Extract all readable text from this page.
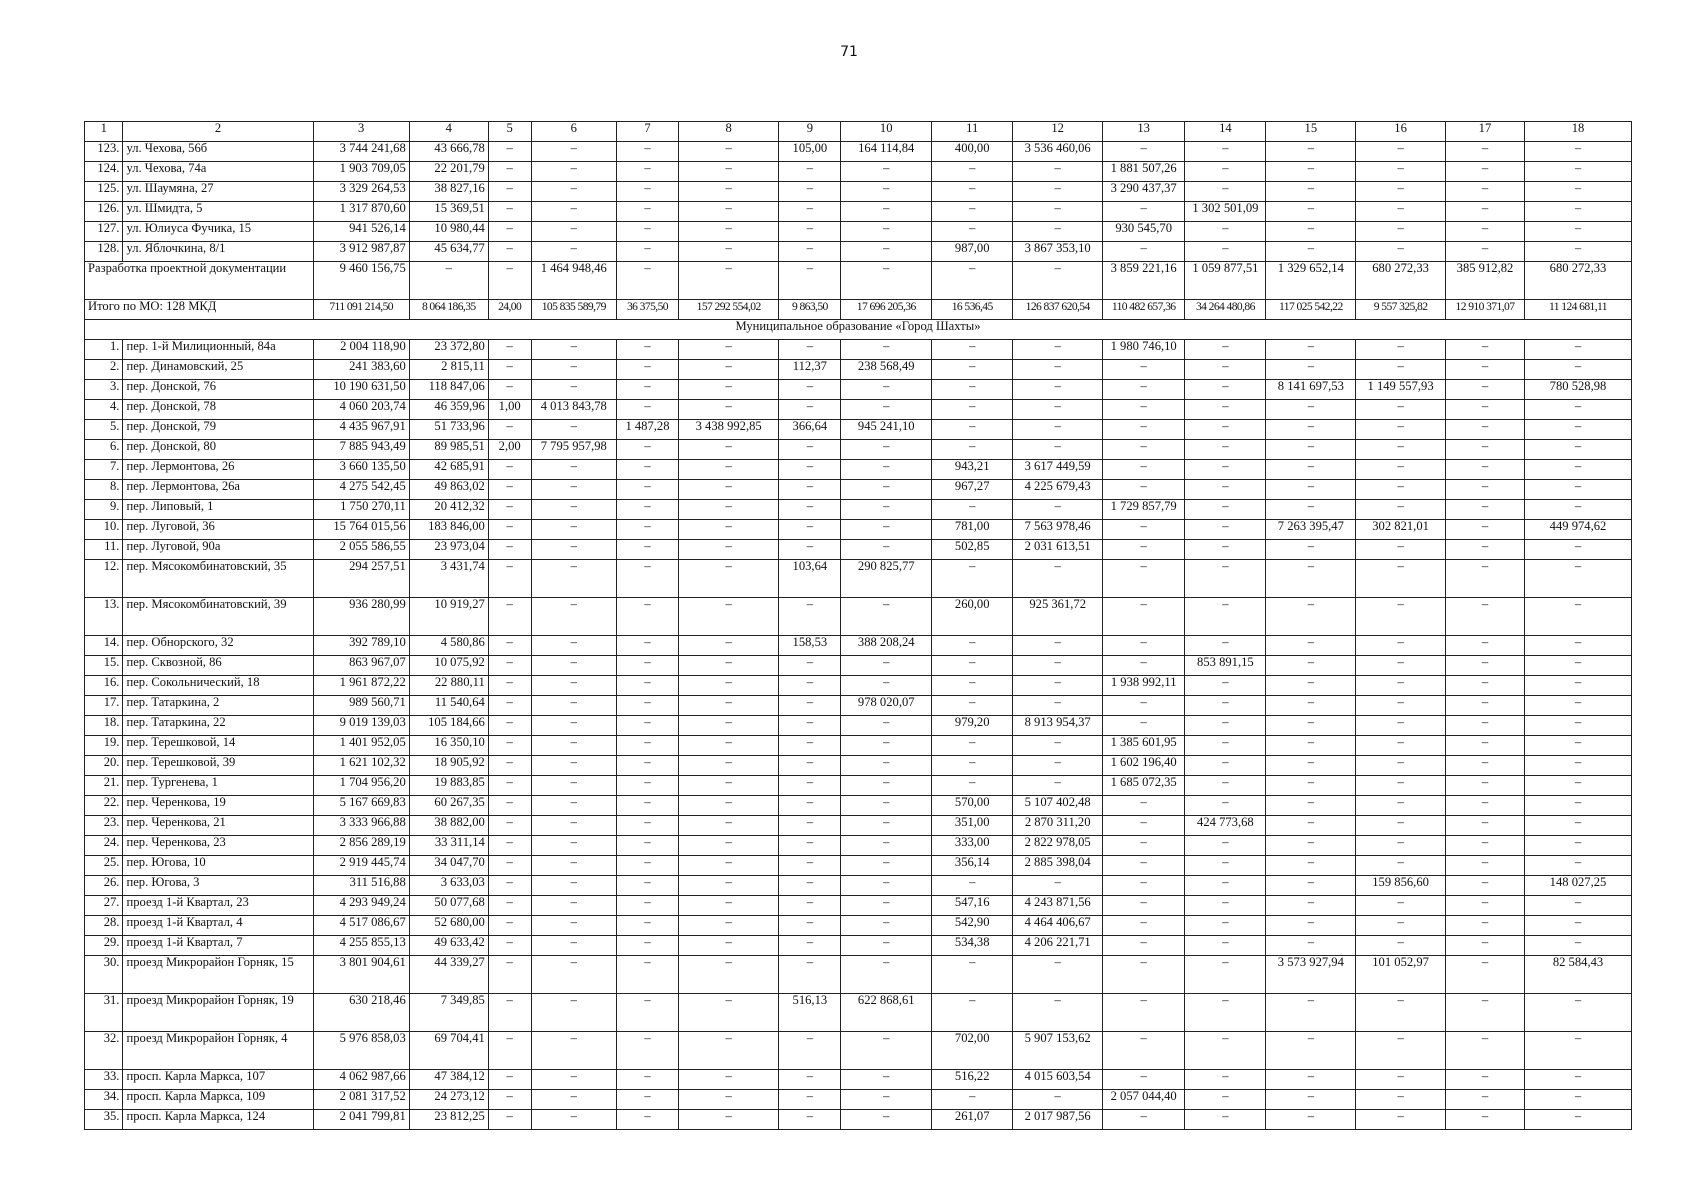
71
1	2	3	4	5	6	7	8	9	10	11	12	13	14	15	16	17	18
123.	ул. Чехова, 56б	3 744 241,68	43 666,78	–	–	–	–	105,00	164 114,84	400,00	3 536 460,06	–	–	–	–	–	–
124.	ул. Чехова, 74а	1 903 709,05	22 201,79	–	–	–	–	–	–	–	–	1 881 507,26	–	–	–	–	–
125.	ул. Шаумяна, 27	3 329 264,53	38 827,16	–	–	–	–	–	–	–	–	3 290 437,37	–	–	–	–	–
126.	ул. Шмидта, 5	1 317 870,60	15 369,51	–	–	–	–	–	–	–	–	–	1 302 501,09	–	–	–	–
127.	ул. Юлиуса Фучика, 15	941 526,14	10 980,44	–	–	–	–	–	–	–	–	930 545,70	–	–	–	–	–
128.	ул. Яблочкина, 8/1	3 912 987,87	45 634,77	–	–	–	–	–	–	987,00	3 867 353,10	–	–	–	–	–	–
Разработка проектной документации		9 460 156,75	–	–	1 464 948,46	–	–	–	–	–	–	3 859 221,16	1 059 877,51	1 329 652,14	680 272,33	385 912,82	680 272,33
Итого по МО: 128 МКД		711 091 214,50	8 064 186,35	24,00	105 835 589,79	36 375,50	157 292 554,02	9 863,50	17 696 205,36	16 536,45	126 837 620,54	110 482 657,36	34 264 480,86	117 025 542,22	9 557 325,82	12 910 371,07	11 124 681,11
Муниципальное образование «Город Шахты»																	
1.	пер. 1-й Милиционный, 84а	2 004 118,90	23 372,80	–	–	–	–	–	–	–	–	1 980 746,10	–	–	–	–	–
2.	пер. Динамовский, 25	241 383,60	2 815,11	–	–	–	–	112,37	238 568,49	–	–	–	–	–	–	–	–
3.	пер. Донской, 76	10 190 631,50	118 847,06	–	–	–	–	–	–	–	–	–	–	8 141 697,53	1 149 557,93	–	780 528,98
4.	пер. Донской, 78	4 060 203,74	46 359,96	1,00	4 013 843,78	–	–	–	–	–	–	–	–	–	–	–	–
5.	пер. Донской, 79	4 435 967,91	51 733,96	–	–	1 487,28	3 438 992,85	366,64	945 241,10	–	–	–	–	–	–	–	–
6.	пер. Донской, 80	7 885 943,49	89 985,51	2,00	7 795 957,98	–	–	–	–	–	–	–	–	–	–	–	–
7.	пер. Лермонтова, 26	3 660 135,50	42 685,91	–	–	–	–	–	–	943,21	3 617 449,59	–	–	–	–	–	–
8.	пер. Лермонтова, 26а	4 275 542,45	49 863,02	–	–	–	–	–	–	967,27	4 225 679,43	–	–	–	–	–	–
9.	пер. Липовый, 1	1 750 270,11	20 412,32	–	–	–	–	–	–	–	–	1 729 857,79	–	–	–	–	–
10.	пер. Луговой, 36	15 764 015,56	183 846,00	–	–	–	–	–	–	781,00	7 563 978,46	–	–	7 263 395,47	302 821,01	–	449 974,62
11.	пер. Луговой, 90а	2 055 586,55	23 973,04	–	–	–	–	–	–	502,85	2 031 613,51	–	–	–	–	–	–
12.	пер. Мясокомбинатовский, 35	294 257,51	3 431,74	–	–	–	–	103,64	290 825,77	–	–	–	–	–	–	–	–
13.	пер. Мясокомбинатовский, 39	936 280,99	10 919,27	–	–	–	–	–	–	260,00	925 361,72	–	–	–	–	–	–
14.	пер. Обнорского, 32	392 789,10	4 580,86	–	–	–	–	158,53	388 208,24	–	–	–	–	–	–	–	–
15.	пер. Сквозной, 86	863 967,07	10 075,92	–	–	–	–	–	–	–	–	–	853 891,15	–	–	–	–
16.	пер. Сокольнический, 18	1 961 872,22	22 880,11	–	–	–	–	–	–	–	–	1 938 992,11	–	–	–	–	–
17.	пер. Татаркина, 2	989 560,71	11 540,64	–	–	–	–	–	978 020,07	–	–	–	–	–	–	–	–
18.	пер. Татаркина, 22	9 019 139,03	105 184,66	–	–	–	–	–	–	979,20	8 913 954,37	–	–	–	–	–	–
19.	пер. Терешковой, 14	1 401 952,05	16 350,10	–	–	–	–	–	–	–	–	1 385 601,95	–	–	–	–	–
20.	пер. Терешковой, 39	1 621 102,32	18 905,92	–	–	–	–	–	–	–	–	1 602 196,40	–	–	–	–	–
21.	пер. Тургенева, 1	1 704 956,20	19 883,85	–	–	–	–	–	–	–	–	1 685 072,35	–	–	–	–	–
22.	пер. Черенкова, 19	5 167 669,83	60 267,35	–	–	–	–	–	–	570,00	5 107 402,48	–	–	–	–	–	–
23.	пер. Черенкова, 21	3 333 966,88	38 882,00	–	–	–	–	–	–	351,00	2 870 311,20	–	424 773,68	–	–	–	–
24.	пер. Черенкова, 23	2 856 289,19	33 311,14	–	–	–	–	–	–	333,00	2 822 978,05	–	–	–	–	–	–
25.	пер. Югова, 10	2 919 445,74	34 047,70	–	–	–	–	–	–	356,14	2 885 398,04	–	–	–	–	–	–
26.	пер. Югова, 3	311 516,88	3 633,03	–	–	–	–	–	–	–	–	–	–	–	159 856,60	–	148 027,25
27.	проезд 1-й Квартал, 23	4 293 949,24	50 077,68	–	–	–	–	–	–	547,16	4 243 871,56	–	–	–	–	–	–
28.	проезд 1-й Квартал, 4	4 517 086,67	52 680,00	–	–	–	–	–	–	542,90	4 464 406,67	–	–	–	–	–	–
29.	проезд 1-й Квартал, 7	4 255 855,13	49 633,42	–	–	–	–	–	–	534,38	4 206 221,71	–	–	–	–	–	–
30.	проезд Микрорайон Горняк, 15	3 801 904,61	44 339,27	–	–	–	–	–	–	–	–	–	–	3 573 927,94	101 052,97	–	82 584,43
31.	проезд Микрорайон Горняк, 19	630 218,46	7 349,85	–	–	–	–	516,13	622 868,61	–	–	–	–	–	–	–	–
32.	проезд Микрорайон Горняк, 4	5 976 858,03	69 704,41	–	–	–	–	–	–	702,00	5 907 153,62	–	–	–	–	–	–
33.	просп. Карла Маркса, 107	4 062 987,66	47 384,12	–	–	–	–	–	–	516,22	4 015 603,54	–	–	–	–	–	–
34.	просп. Карла Маркса, 109	2 081 317,52	24 273,12	–	–	–	–	–	–	–	–	2 057 044,40	–	–	–	–	–
35.	просп. Карла Маркса, 124	2 041 799,81	23 812,25	–	–	–	–	–	–	261,07	2 017 987,56	–	–	–	–	–	–
